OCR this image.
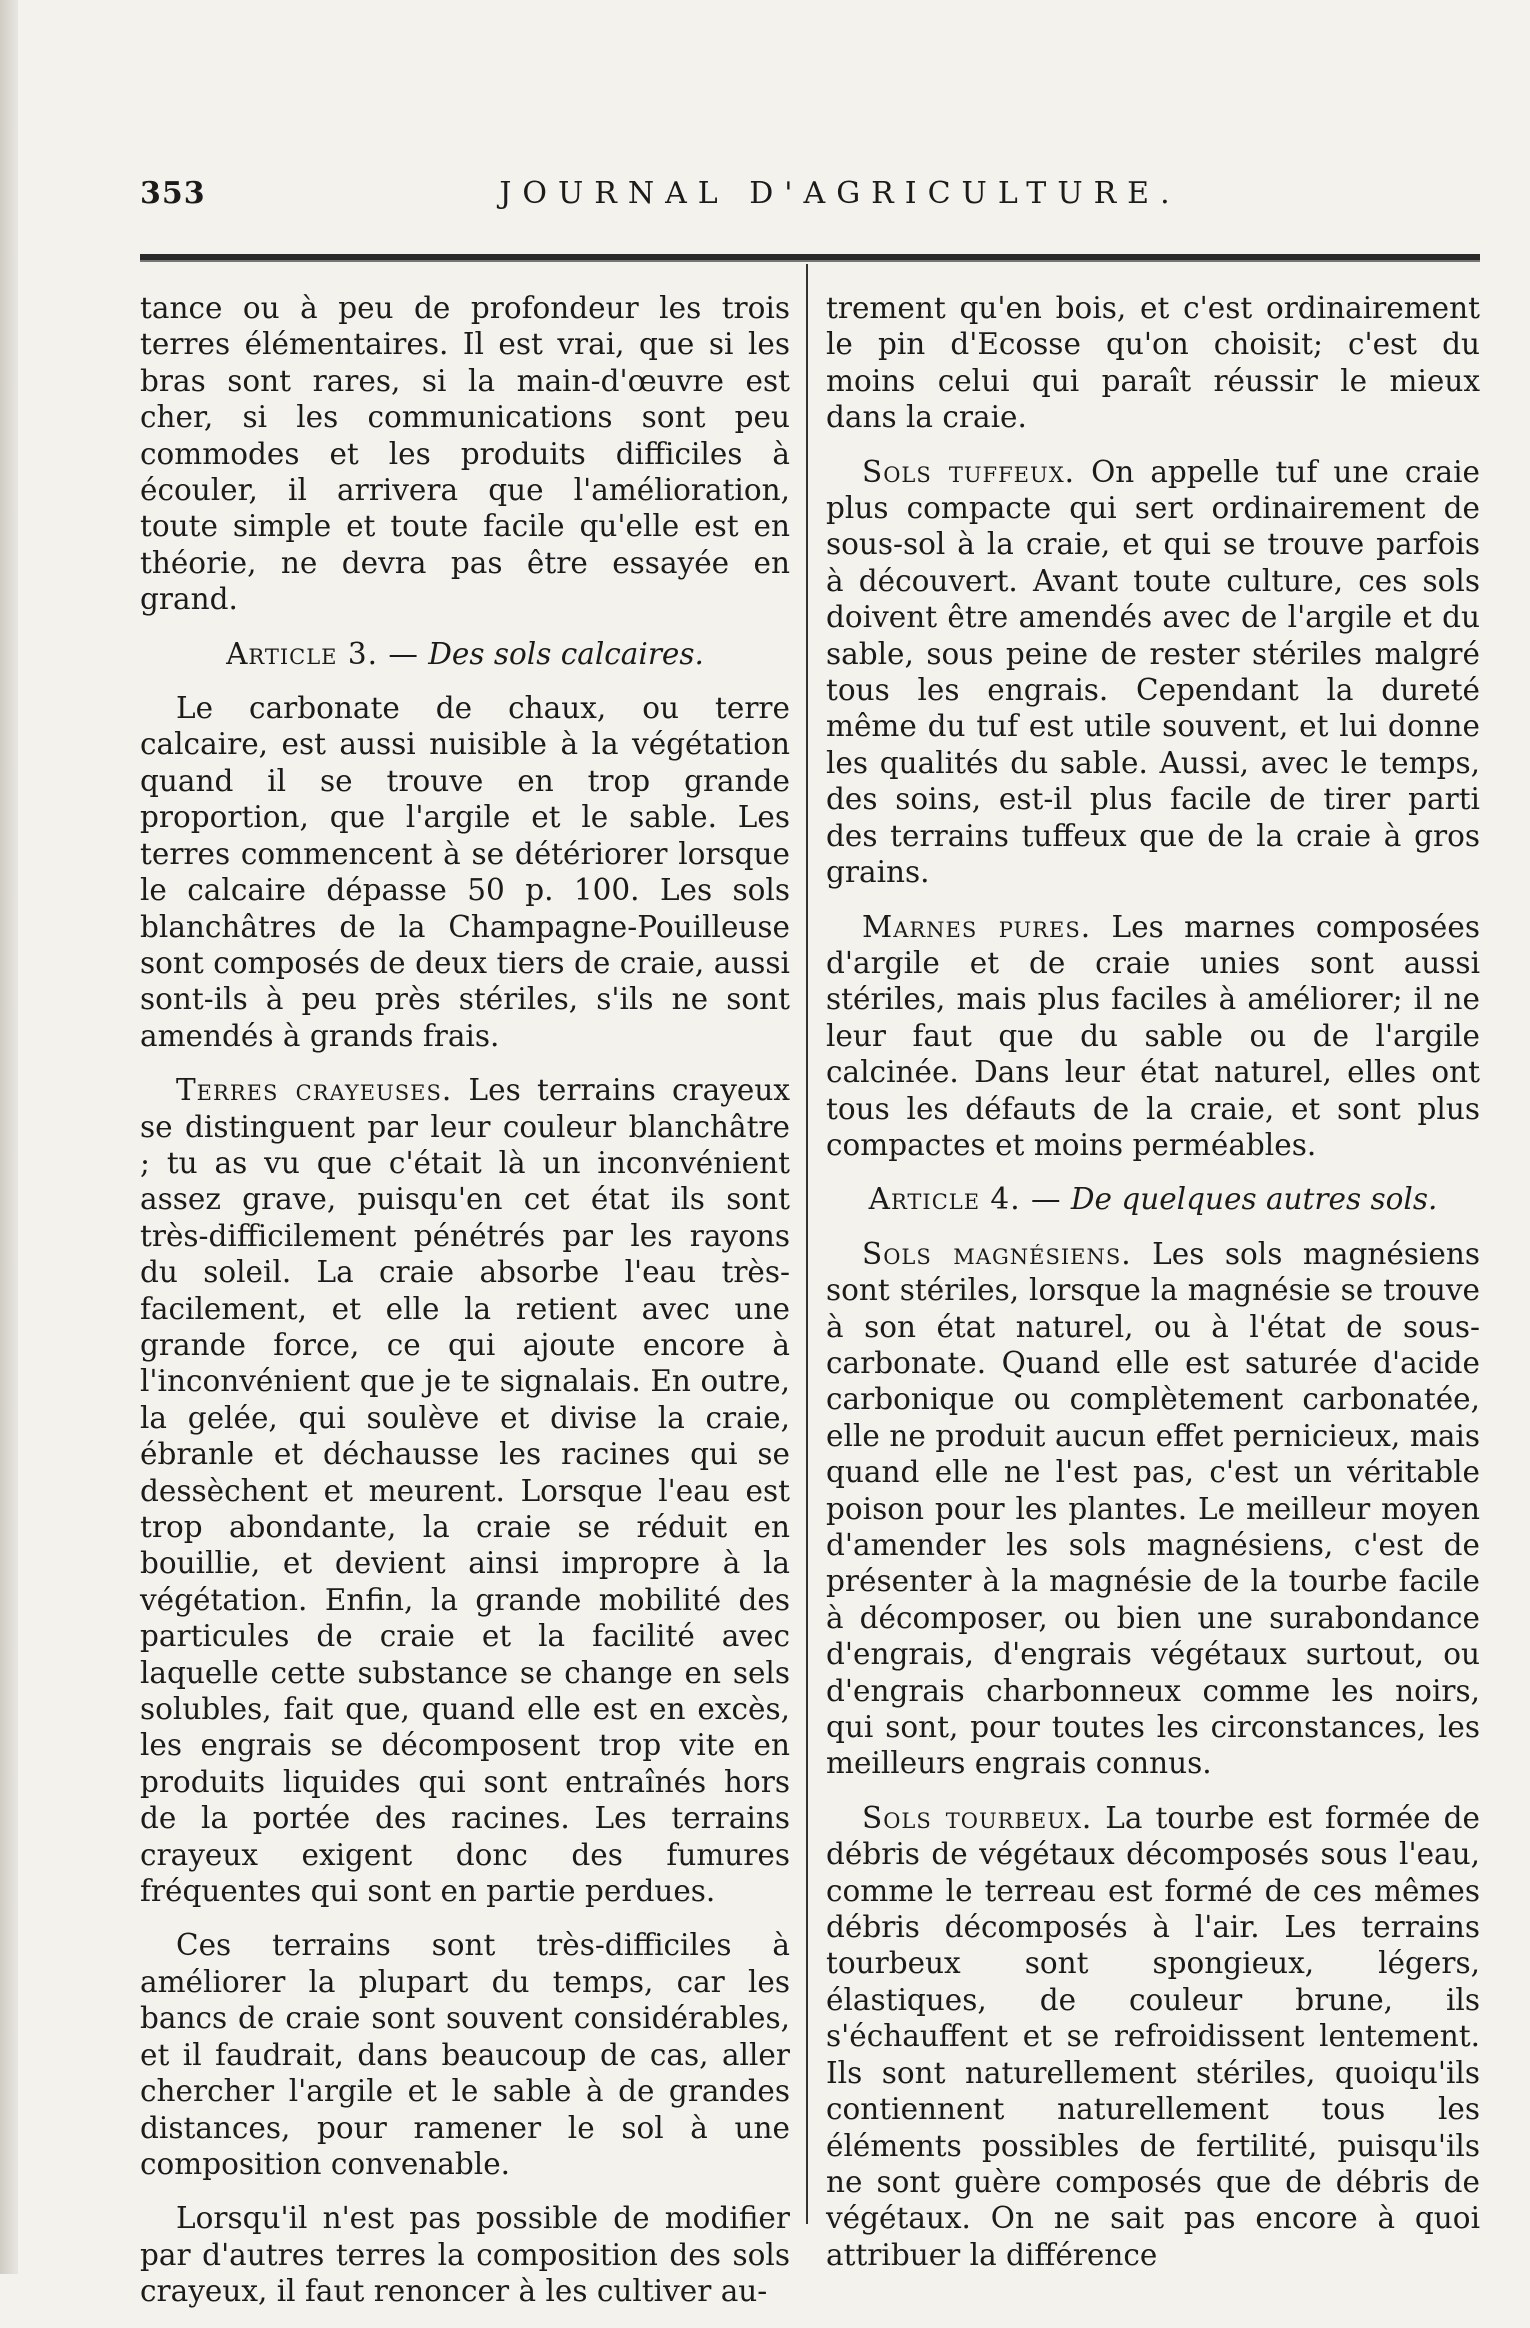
353	JOURNAL D'AGRICULTURE.

tance ou à peu de profondeur les trois terres élémentaires. Il est vrai, que si les bras sont rares, si la main-d'œuvre est cher, si les communications sont peu commodes et les produits difficiles à écouler, il arrivera que l'amélioration, toute simple et toute facile qu'elle est en théorie, ne devra pas être essayée en grand.

Article 3. — Des sols calcaires.

Le carbonate de chaux, ou terre calcaire, est aussi nuisible à la végétation quand il se trouve en trop grande proportion, que l'argile et le sable. Les terres commencent à se détériorer lorsque le calcaire dépasse 50 p. 100. Les sols blanchâtres de la Champagne-Pouilleuse sont composés de deux tiers de craie, aussi sont-ils à peu près stériles, s'ils ne sont amendés à grands frais.

Terres crayeuses. Les terrains crayeux se distinguent par leur couleur blanchâtre ; tu as vu que c'était là un inconvénient assez grave, puisqu'en cet état ils sont très-difficilement pénétrés par les rayons du soleil. La craie absorbe l'eau très-facilement, et elle la retient avec une grande force, ce qui ajoute encore à l'inconvénient que je te signalais. En outre, la gelée, qui soulève et divise la craie, ébranle et déchausse les racines qui se dessèchent et meurent. Lorsque l'eau est trop abondante, la craie se réduit en bouillie, et devient ainsi impropre à la végétation. Enfin, la grande mobilité des particules de craie et la facilité avec laquelle cette substance se change en sels solubles, fait que, quand elle est en excès, les engrais se décomposent trop vite en produits liquides qui sont entraînés hors de la portée des racines. Les terrains crayeux exigent donc des fumures fréquentes qui sont en partie perdues.

Ces terrains sont très-difficiles à améliorer la plupart du temps, car les bancs de craie sont souvent considérables, et il faudrait, dans beaucoup de cas, aller chercher l'argile et le sable à de grandes distances, pour ramener le sol à une composition convenable.

Lorsqu'il n'est pas possible de modifier par d'autres terres la composition des sols crayeux, il faut renoncer à les cultiver au-

trement qu'en bois, et c'est ordinairement le pin d'Ecosse qu'on choisit; c'est du moins celui qui paraît réussir le mieux dans la craie.

Sols tuffeux. On appelle tuf une craie plus compacte qui sert ordinairement de sous-sol à la craie, et qui se trouve parfois à découvert. Avant toute culture, ces sols doivent être amendés avec de l'argile et du sable, sous peine de rester stériles malgré tous les engrais. Cependant la dureté même du tuf est utile souvent, et lui donne les qualités du sable. Aussi, avec le temps, des soins, est-il plus facile de tirer parti des terrains tuffeux que de la craie à gros grains.

Marnes pures. Les marnes composées d'argile et de craie unies sont aussi stériles, mais plus faciles à améliorer; il ne leur faut que du sable ou de l'argile calcinée. Dans leur état naturel, elles ont tous les défauts de la craie, et sont plus compactes et moins perméables.

Article 4. — De quelques autres sols.

Sols magnésiens. Les sols magnésiens sont stériles, lorsque la magnésie se trouve à son état naturel, ou à l'état de sous-carbonate. Quand elle est saturée d'acide carbonique ou complètement carbonatée, elle ne produit aucun effet pernicieux, mais quand elle ne l'est pas, c'est un véritable poison pour les plantes. Le meilleur moyen d'amender les sols magnésiens, c'est de présenter à la magnésie de la tourbe facile à décomposer, ou bien une surabondance d'engrais, d'engrais végétaux surtout, ou d'engrais charbonneux comme les noirs, qui sont, pour toutes les circonstances, les meilleurs engrais connus.

Sols tourbeux. La tourbe est formée de débris de végétaux décomposés sous l'eau, comme le terreau est formé de ces mêmes débris décomposés à l'air. Les terrains tourbeux sont spongieux, légers, élastiques, de couleur brune, ils s'échauffent et se refroidissent lentement. Ils sont naturellement stériles, quoiqu'ils contiennent naturellement tous les éléments possibles de fertilité, puisqu'ils ne sont guère composés que de débris de végétaux. On ne sait pas encore à quoi attribuer la différence
